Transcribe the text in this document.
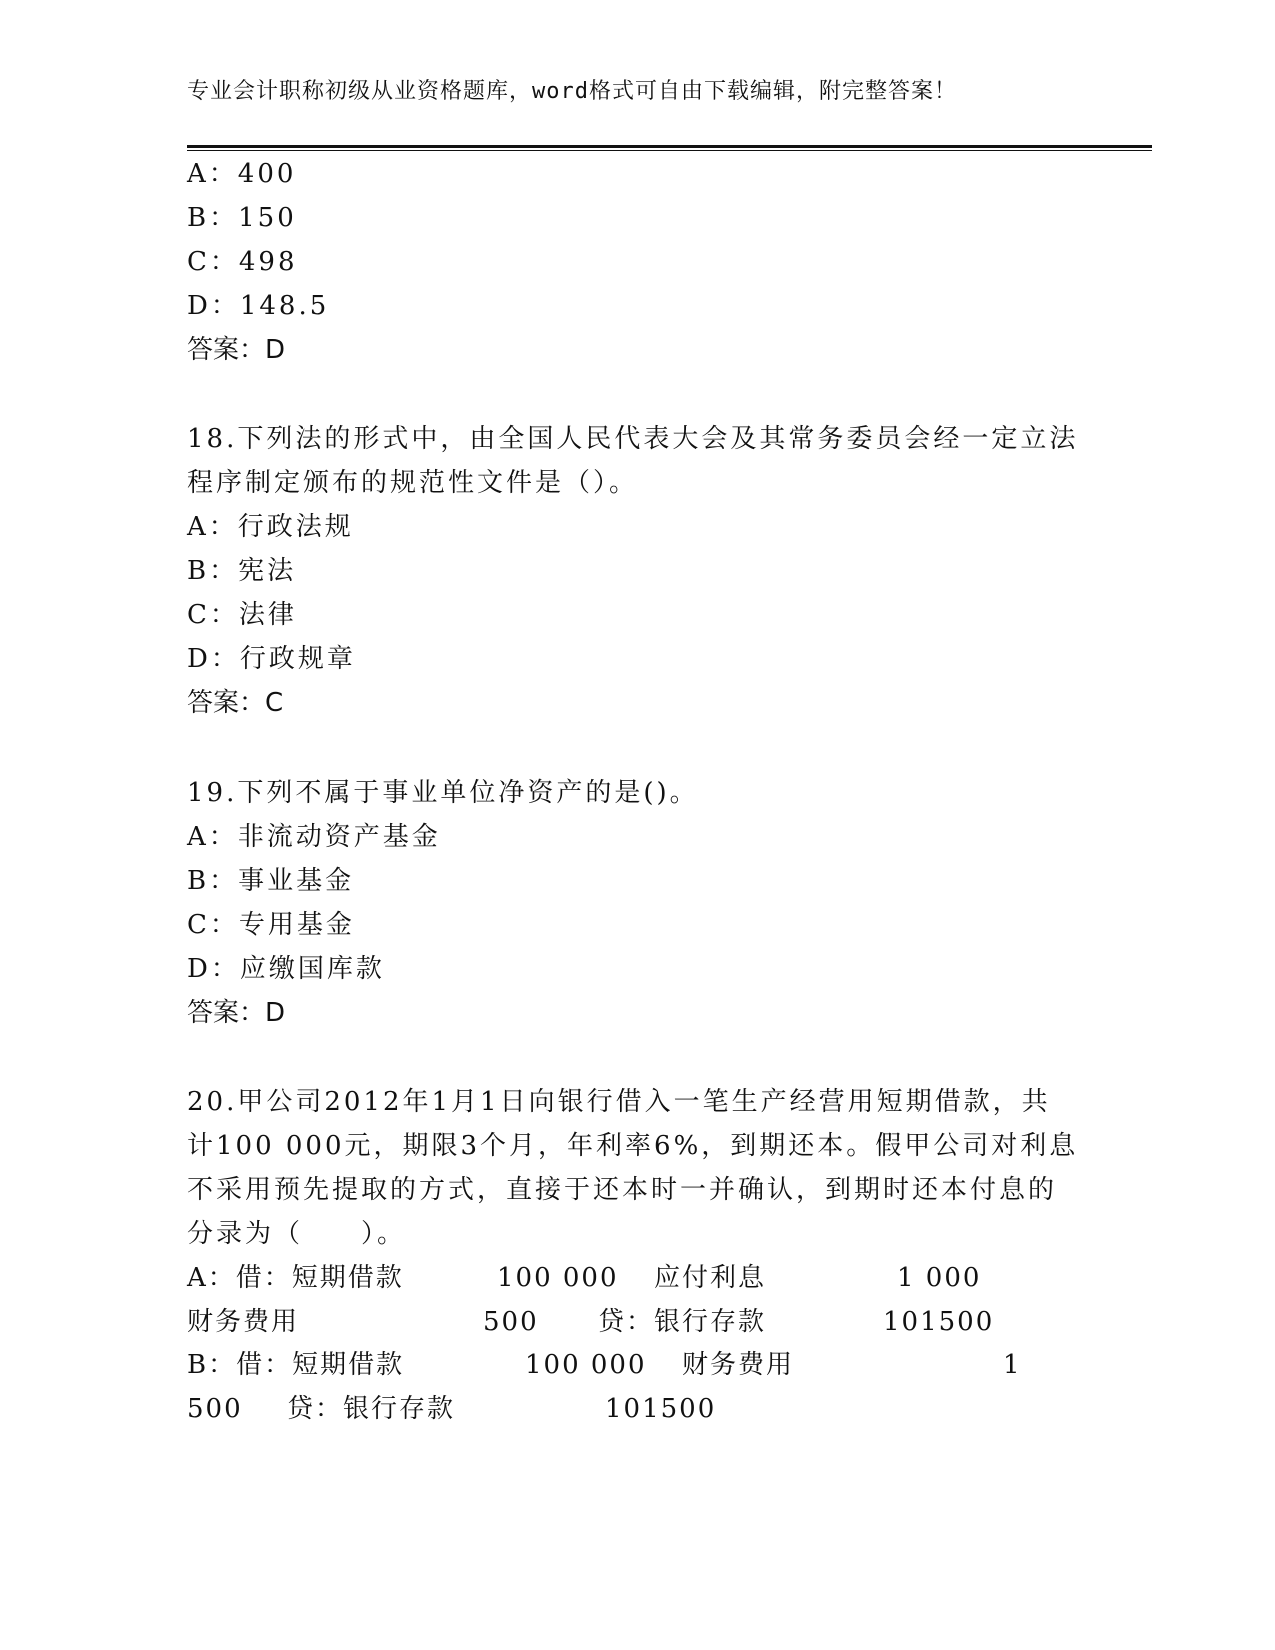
专业会计职称初级从业资格题库，word格式可自由下载编辑，附完整答案！
A：400
B：150
C：498
D：148.5
答案：D
18.下列法的形式中，由全国人民代表大会及其常务委员会经一定立法
程序制定颁布的规范性文件是（）。
A：行政法规
B：宪法
C：法律
D：行政规章
答案：C
19.下列不属于事业单位净资产的是()。
A：非流动资产基金
B：事业基金
C：专用基金
D：应缴国库款
答案：D
20.甲公司2012年1月1日向银行借入一笔生产经营用短期借款，共
计100 000元，期限3个月，年利率6%，到期还本。假甲公司对利息
不采用预先提取的方式，直接于还本时一并确认，到期时还本付息的
分录为（　　）。
A：借：短期借款	100 000 应付利息	1 000
财务费用	500 贷：银行存款	101500
B：借：短期借款	100 000 财务费用	1
500 贷：银行存款	101500
